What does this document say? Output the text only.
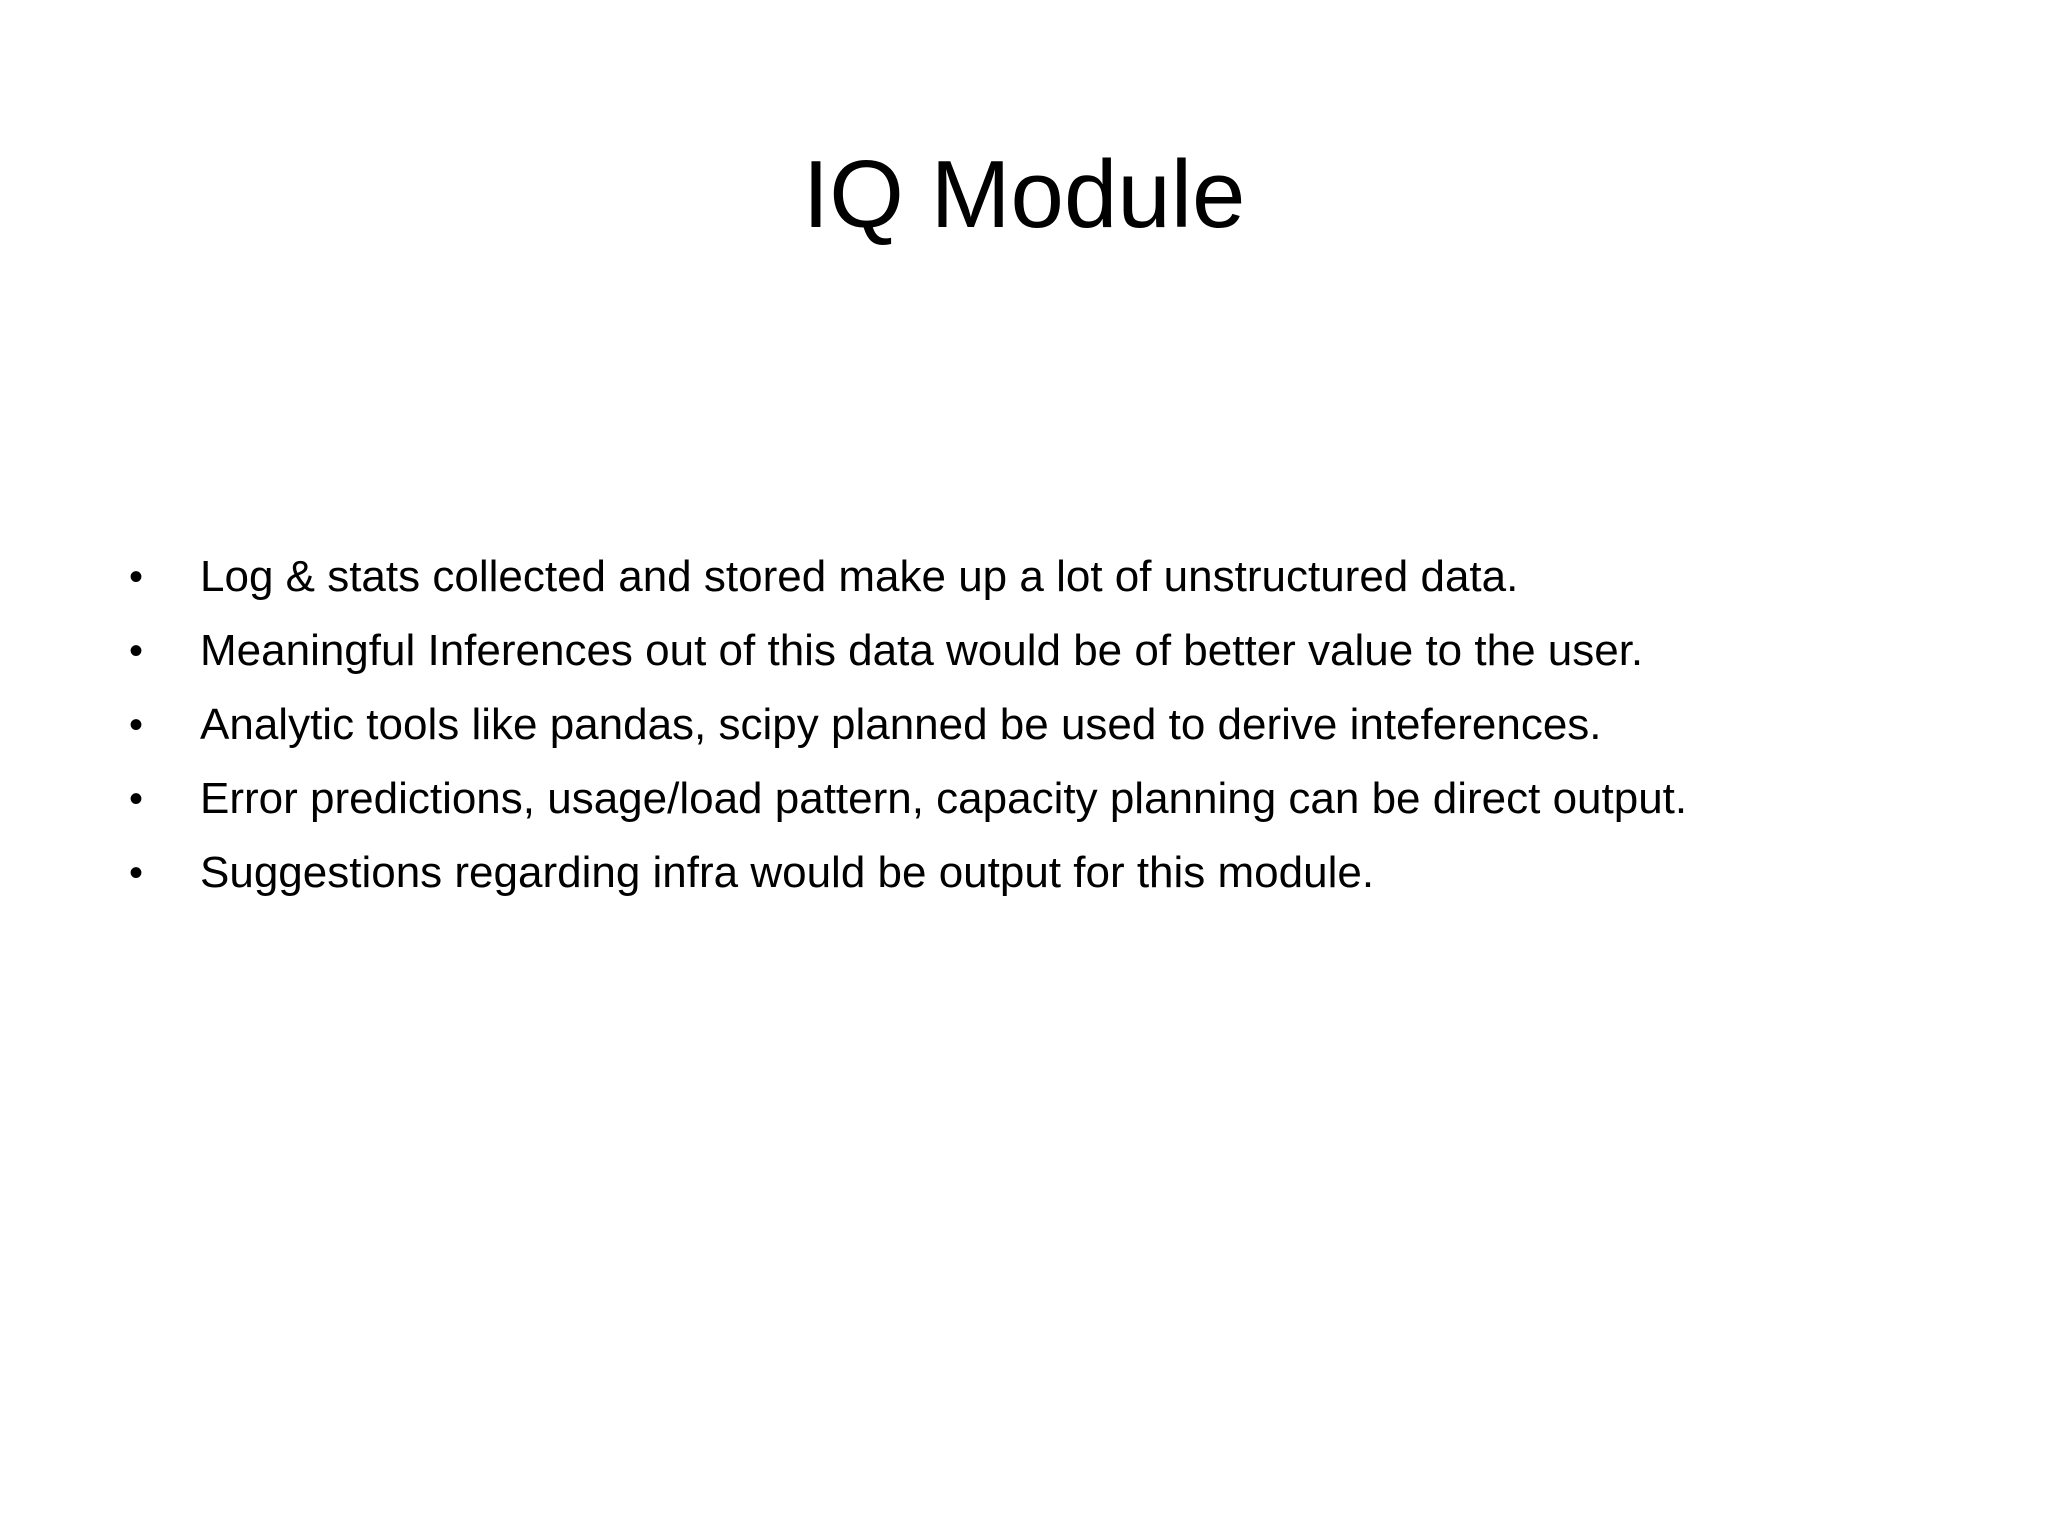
IQ Module
• Log & stats collected and stored make up a lot of unstructured data.
• Meaningful Inferences out of this data would be of better value to the user.
• Analytic tools like pandas, scipy planned be used to derive inteferences.
• Error predictions, usage/load pattern, capacity planning can be direct output.
• Suggestions regarding infra would be output for this module.
